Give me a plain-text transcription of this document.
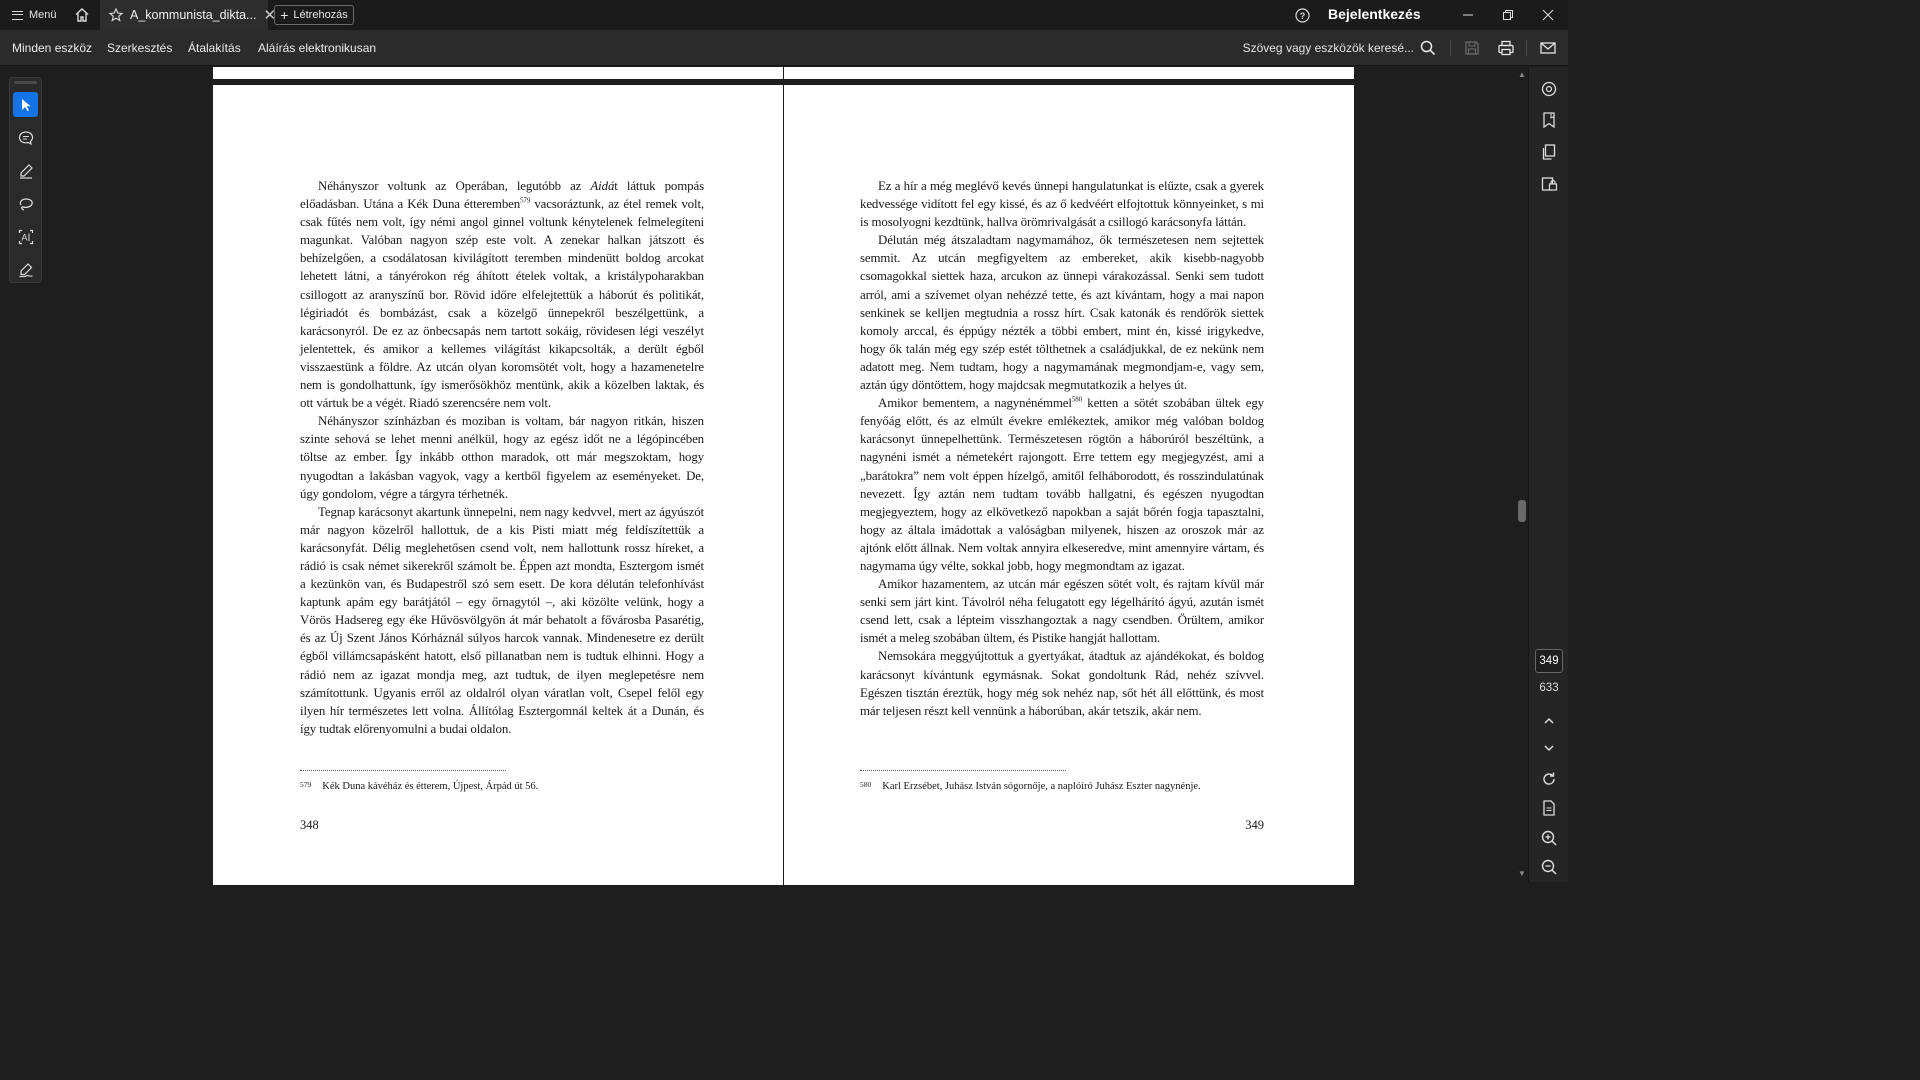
Menü	A_kommunista_dikta... ✕ + Létrehozás	? Bejelentkezés
Minden eszköz Szerkesztés Átalakítás Aláírás elektronikusan	Szöveg vagy eszközök keresé...
A

Néhányszor voltunk az Operában, legutóbb az Aidát láttuk pompás előadásban. Utána a Kék Duna étteremben$^{579}$ vacsoráztunk, az étel remek volt, csak fűtés nem volt, így némi angol ginnel voltunk kénytelenek felmelegíteni magunkat. Valóban nagyon szép este volt. A zenekar halkan játszott és behízelgően, a csodálatosan kivilágított teremben mindenütt boldog arcokat lehetett látni, a tányérokon rég áhított ételek voltak, a kristálypoharakban csillogott az aranyszínű bor. Rövid időre elfelejtettük a háborút és politikát, légiriadót és bombázást, csak a közelgő ünnepekről beszélgettünk, a karácsonyról. De ez az önbecsapás nem tartott sokáig, rövidesen légi veszélyt jelentettek, és amikor a kellemes világítást kikapcsolták, a derült égből visszaestünk a földre. Az utcán olyan koromsötét volt, hogy a hazamenetelre nem is gondolhattunk, így ismerősökhöz mentünk, akik a közelben laktak, és ott vártuk be a végét. Riadó szerencsére nem volt.

Néhányszor színházban és moziban is voltam, bár nagyon ritkán, hiszen szinte sehová se lehet menni anélkül, hogy az egész időt ne a légópincében töltse az ember. Így inkább otthon maradok, ott már megszoktam, hogy nyugodtan a lakásban vagyok, vagy a kertből figyelem az eseményeket. De, úgy gondolom, végre a tárgyra térhetnék.

Tegnap karácsonyt akartunk ünnepelni, nem nagy kedvvel, mert az ágyúszót már nagyon közelről hallottuk, de a kis Pisti miatt még feldíszítettük a karácsonyfát. Délig meglehetősen csend volt, nem hallottunk rossz híreket, a rádió is csak német sikerekről számolt be. Éppen azt mondta, Esztergom ismét a kezünkön van, és Budapestről szó sem esett. De kora délután telefonhívást kaptunk apám egy barátjától – egy őrnagytól –, aki közölte velünk, hogy a Vörös Hadsereg egy éke Hűvösvölgyön át már behatolt a fővárosba Pasarétig, és az Új Szent János Kórháznál súlyos harcok vannak. Mindenesetre ez derült égből villámcsapásként hatott, első pillanatban nem is tudtuk elhinni. Hogy a rádió nem az igazat mondja meg, azt tudtuk, de ilyen meglepetésre nem számítottunk. Ugyanis erről az oldalról olyan váratlan volt, Csepel felől egy ilyen hír természetes lett volna. Állítólag Esztergomnál keltek át a Dunán, és így tudtak előrenyomulni a budai oldalon.

579 Kék Duna kávéház és étterem, Újpest, Árpád út 56.
348

Ez a hír a még meglévő kevés ünnepi hangulatunkat is elűzte, csak a gyerek kedvessége vidított fel egy kissé, és az ő kedvéért elfojtottuk könnyeinket, s mi is mosolyogni kezdtünk, hallva örömrivalgását a csillogó karácsonyfa láttán.

Délután még átszaladtam nagymamához, ők természetesen nem sejtettek semmit. Az utcán megfigyeltem az embereket, akik kisebb-nagyobb csomagokkal siettek haza, arcukon az ünnepi várakozással. Senki sem tudott arról, ami a szívemet olyan nehézzé tette, és azt kívántam, hogy a mai napon senkinek se kelljen megtudnia a rossz hírt. Csak katonák és rendőrök siettek komoly arccal, és éppúgy nézték a többi embert, mint én, kissé irigykedve, hogy ők talán még egy szép estét tölthetnek a családjukkal, de ez nekünk nem adatott meg. Nem tudtam, hogy a nagymamának megmondjam-e, vagy sem, aztán úgy döntöttem, hogy majdcsak megmutatkozik a helyes út.

Amikor bementem, a nagynénémmel$^{580}$ ketten a sötét szobában ültek egy fenyőág előtt, és az elmúlt évekre emlékeztek, amikor még valóban boldog karácsonyt ünnepelhettünk. Természetesen rögtön a háborúról beszéltünk, a nagynéni ismét a németekért rajongott. Erre tettem egy megjegyzést, ami a „barátokra” nem volt éppen hízelgő, amitől felháborodott, és rosszindulatúnak nevezett. Így aztán nem tudtam tovább hallgatni, és egészen nyugodtan megjegyeztem, hogy az elkövetkező napokban a saját bőrén fogja tapasztalni, hogy az általa imádottak a valóságban milyenek, hiszen az oroszok már az ajtónk előtt állnak. Nem voltak annyira elkeseredve, mint amennyire vártam, és nagymama úgy vélte, sokkal jobb, hogy megmondtam az igazat.

Amikor hazamentem, az utcán már egészen sötét volt, és rajtam kívül már senki sem járt kint. Távolról néha felugatott egy légelhárító ágyú, azután ismét csend lett, csak a lépteim visszhangoztak a nagy csendben. Örültem, amikor ismét a meleg szobában ültem, és Pistike hangját hallottam.

Nemsokára meggyújtottuk a gyertyákat, átadtuk az ajándékokat, és boldog karácsonyt kívántunk egymásnak. Sokat gondoltunk Rád, nehéz szívvel. Egészen tisztán éreztük, hogy még sok nehéz nap, sőt hét áll előttünk, és most már teljesen részt kell vennünk a háborúban, akár tetszik, akár nem.

580 Karl Erzsébet, Juhász István sógornője, a naplóíró Juhász Eszter nagynénje.
349
▲
▼
349
633
